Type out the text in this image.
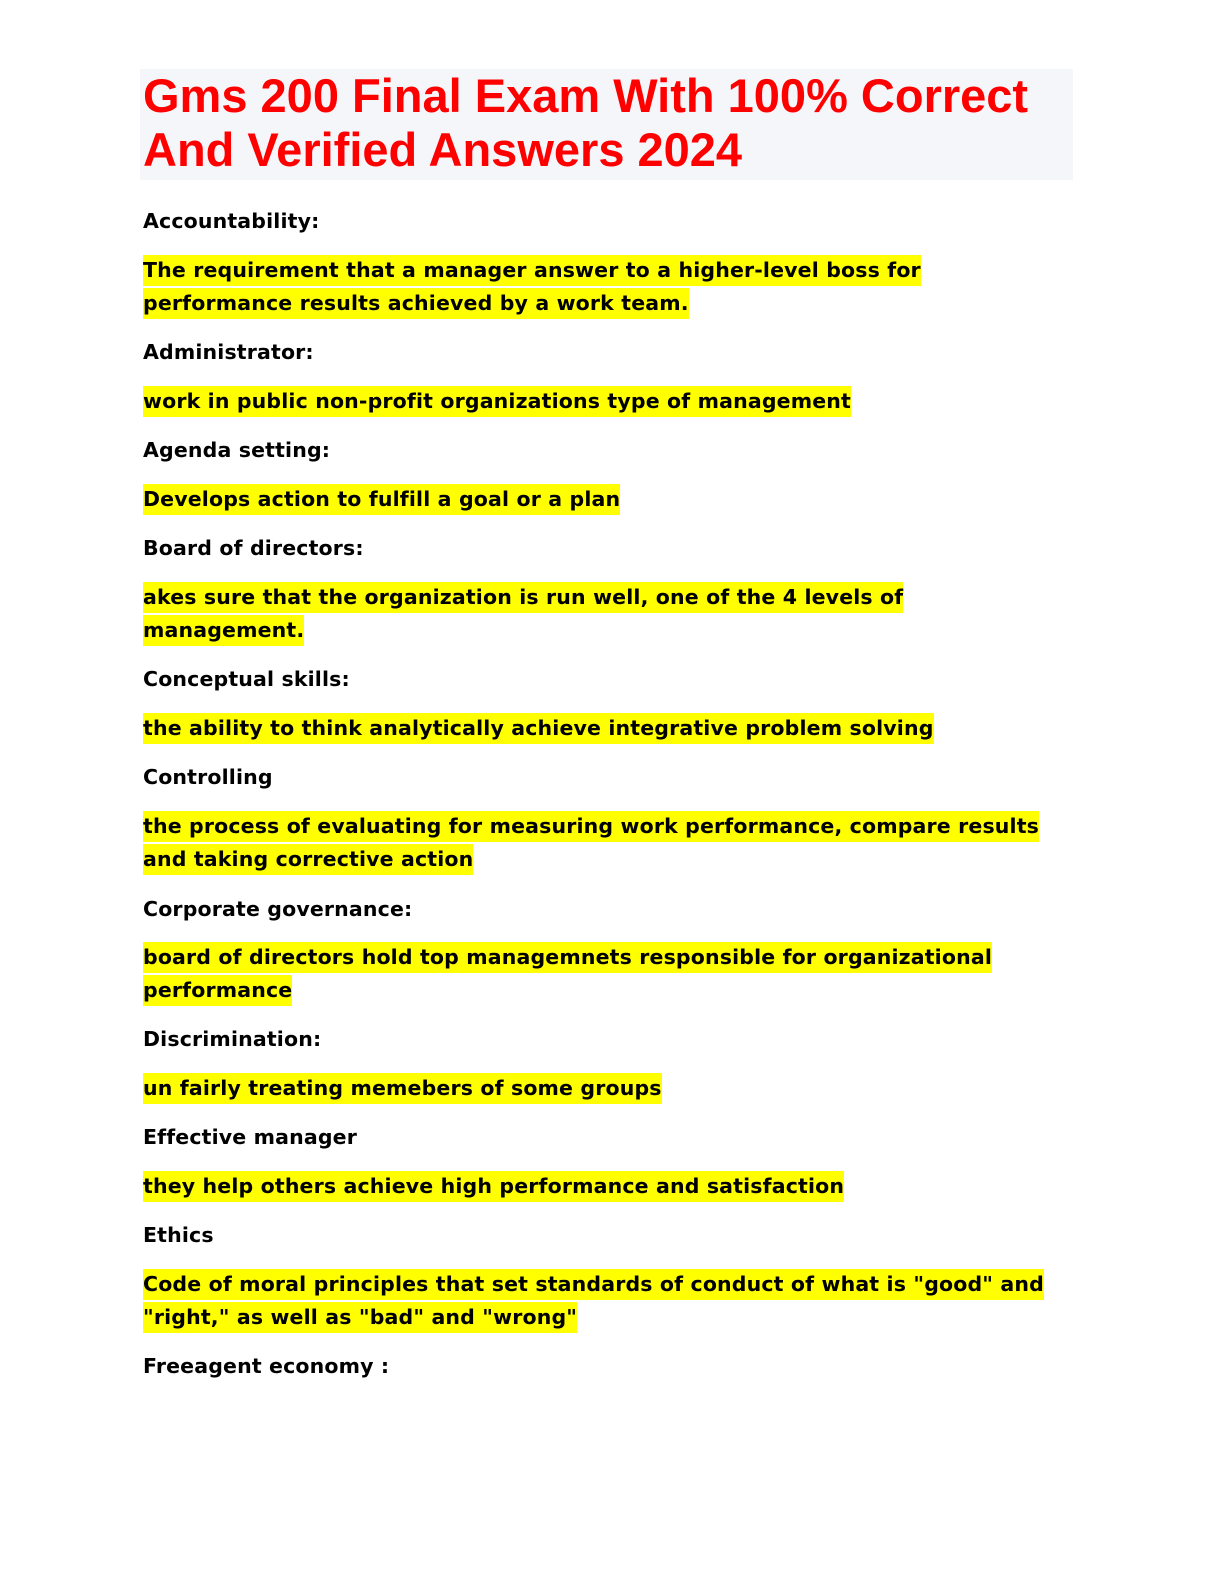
Gms 200 Final Exam With 100% Correct
And Verified Answers 2024

Accountability:

The requirement that a manager answer to a higher-level boss for
performance results achieved by a work team.

Administrator:

work in public non-profit organizations type of management

Agenda setting:

Develops action to fulfill a goal or a plan

Board of directors:

akes sure that the organization is run well, one of the 4 levels of
management.

Conceptual skills:

the ability to think analytically achieve integrative problem solving

Controlling

the process of evaluating for measuring work performance, compare results
and taking corrective action

Corporate governance:

board of directors hold top managemnets responsible for organizational
performance

Discrimination:

un fairly treating memebers of some groups

Effective manager

they help others achieve high performance and satisfaction

Ethics

Code of moral principles that set standards of conduct of what is "good" and
"right," as well as "bad" and "wrong"

Freeagent economy :
